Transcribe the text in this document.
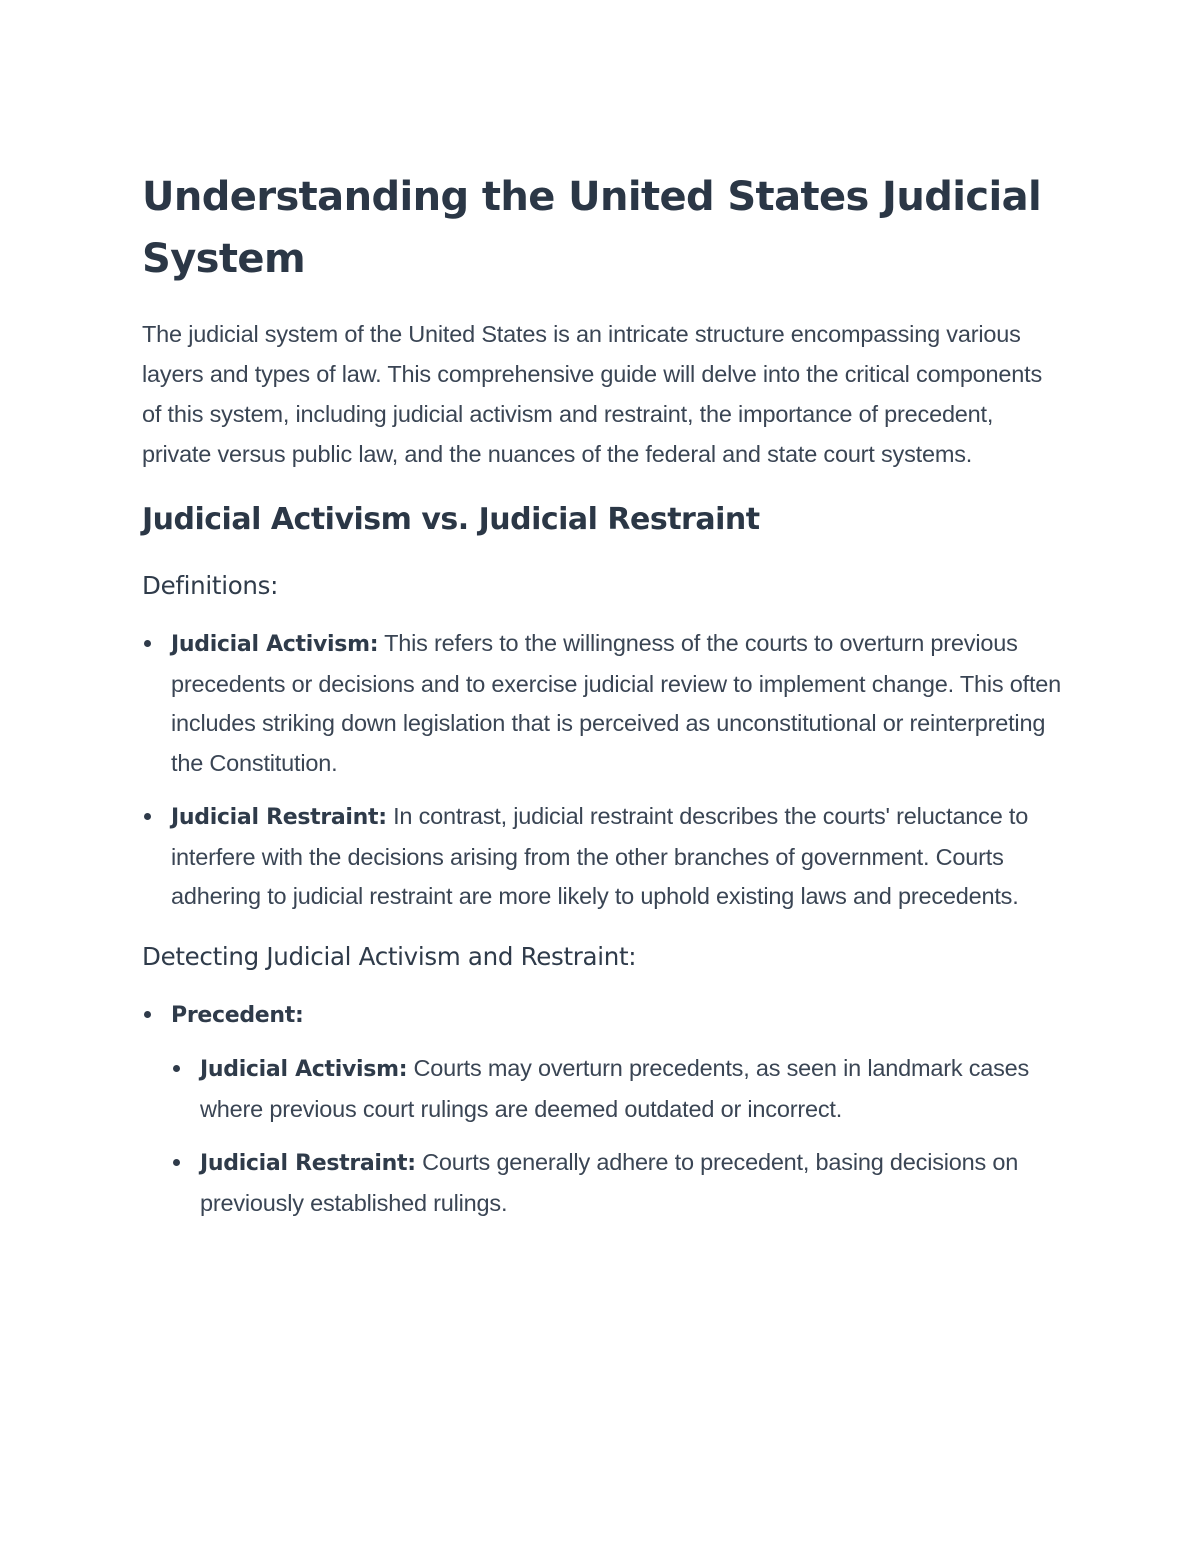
Understanding the United States Judicial System

The judicial system of the United States is an intricate structure encompassing various layers and types of law. This comprehensive guide will delve into the critical components of this system, including judicial activism and restraint, the importance of precedent, private versus public law, and the nuances of the federal and state court systems.

Judicial Activism vs. Judicial Restraint
Definitions:
Judicial Activism: This refers to the willingness of the courts to overturn previous precedents or decisions and to exercise judicial review to implement change. This often includes striking down legislation that is perceived as unconstitutional or reinterpreting the Constitution.
Judicial Restraint: In contrast, judicial restraint describes the courts' reluctance to interfere with the decisions arising from the other branches of government. Courts adhering to judicial restraint are more likely to uphold existing laws and precedents.
Detecting Judicial Activism and Restraint:
Precedent:
Judicial Activism: Courts may overturn precedents, as seen in landmark cases where previous court rulings are deemed outdated or incorrect.
Judicial Restraint: Courts generally adhere to precedent, basing decisions on previously established rulings.
